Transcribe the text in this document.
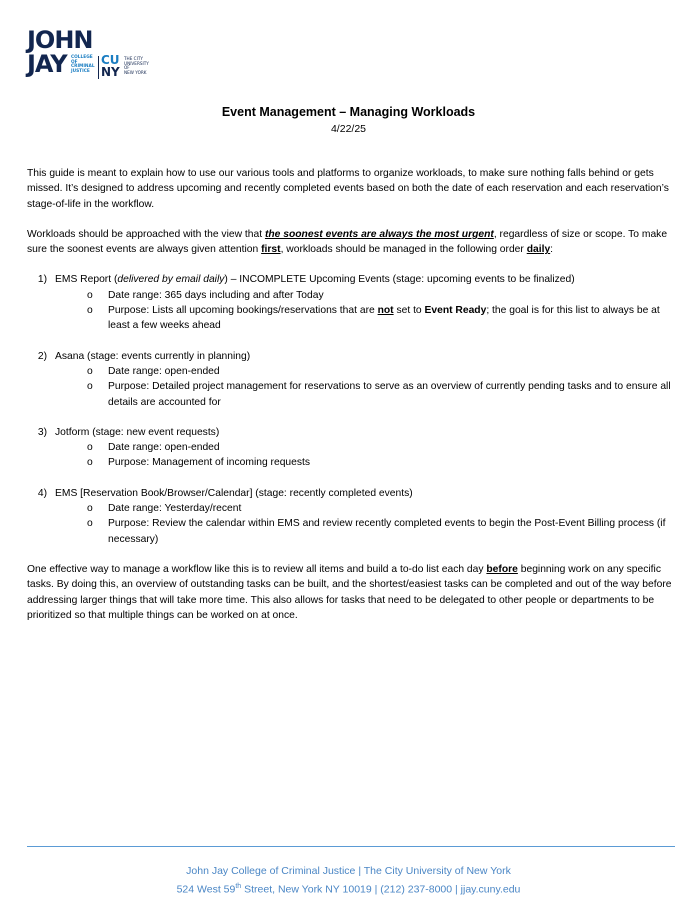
JOHN
JAY	COLLEGE
OF
CRIMINAL
JUSTICE
CU
NY
THE CITY
UNIVERSITY
OF
NEW YORK
Event Management – Managing Workloads
4/22/25

This guide is meant to explain how to use our various tools and platforms to organize workloads, to make sure nothing falls behind or gets missed. It’s designed to address upcoming and recently completed events based on both the date of each reservation and each reservation’s stage-of-life in the workflow.

Workloads should be approached with the view that the soonest events are always the most urgent, regardless of size or scope. To make sure the soonest events are always given attention first, workloads should be managed in the following order daily:

1) EMS Report (delivered by email daily) – INCOMPLETE Upcoming Events (stage: upcoming events to be finalized)
o Date range: 365 days including and after Today
o Purpose: Lists all upcoming bookings/reservations that are not set to Event Ready; the goal is for this list to always be at least a few weeks ahead
2) Asana (stage: events currently in planning)
o Date range: open-ended
o Purpose: Detailed project management for reservations to serve as an overview of currently pending tasks and to ensure all details are accounted for
3) Jotform (stage: new event requests)
o Date range: open-ended
o Purpose: Management of incoming requests
4) EMS [Reservation Book/Browser/Calendar] (stage: recently completed events)
o Date range: Yesterday/recent
o Purpose: Review the calendar within EMS and review recently completed events to begin the Post-Event Billing process (if necessary)

One effective way to manage a workflow like this is to review all items and build a to-do list each day before beginning work on any specific tasks. By doing this, an overview of outstanding tasks can be built, and the shortest/easiest tasks can be completed and out of the way before addressing larger things that will take more time. This also allows for tasks that need to be delegated to other people or departments to be prioritized so that multiple things can be worked on at once.

John Jay College of Criminal Justice | The City University of New York
524 West 59th Street, New York NY 10019 | (212) 237-8000 | jjay.cuny.edu
